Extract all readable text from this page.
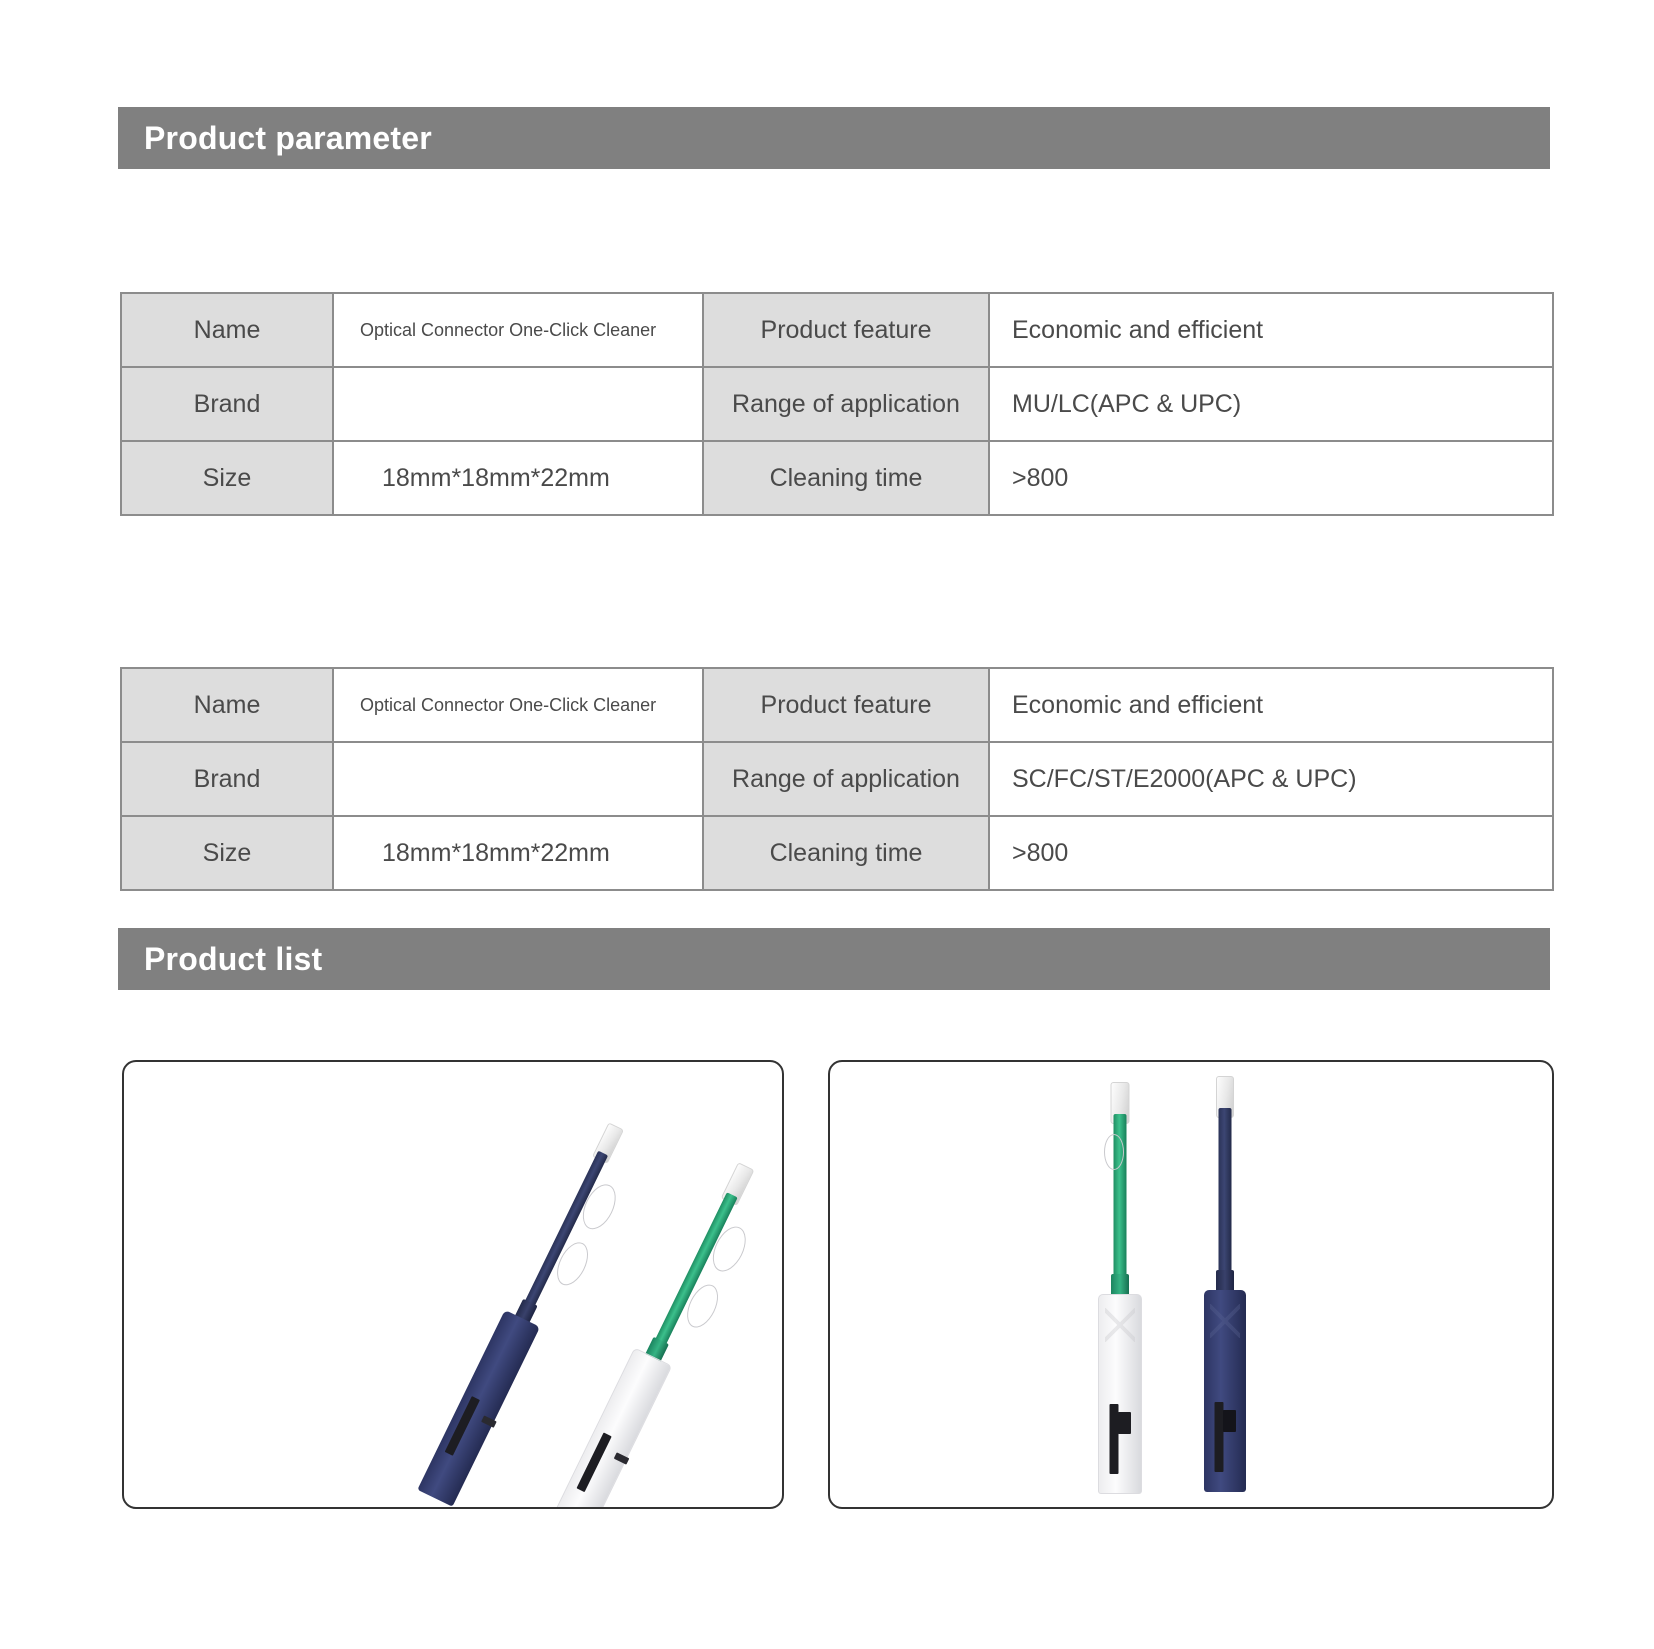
Product parameter
Name	Optical Connector One-Click Cleaner	Product feature	Economic and efficient
Brand		Range of application	MU/LC(APC & UPC)
Size	18mm*18mm*22mm	Cleaning time	>800
Name	Optical Connector One-Click Cleaner	Product feature	Economic and efficient
Brand		Range of application	SC/FC/ST/E2000(APC & UPC)
Size	18mm*18mm*22mm	Cleaning time	>800
Product list
